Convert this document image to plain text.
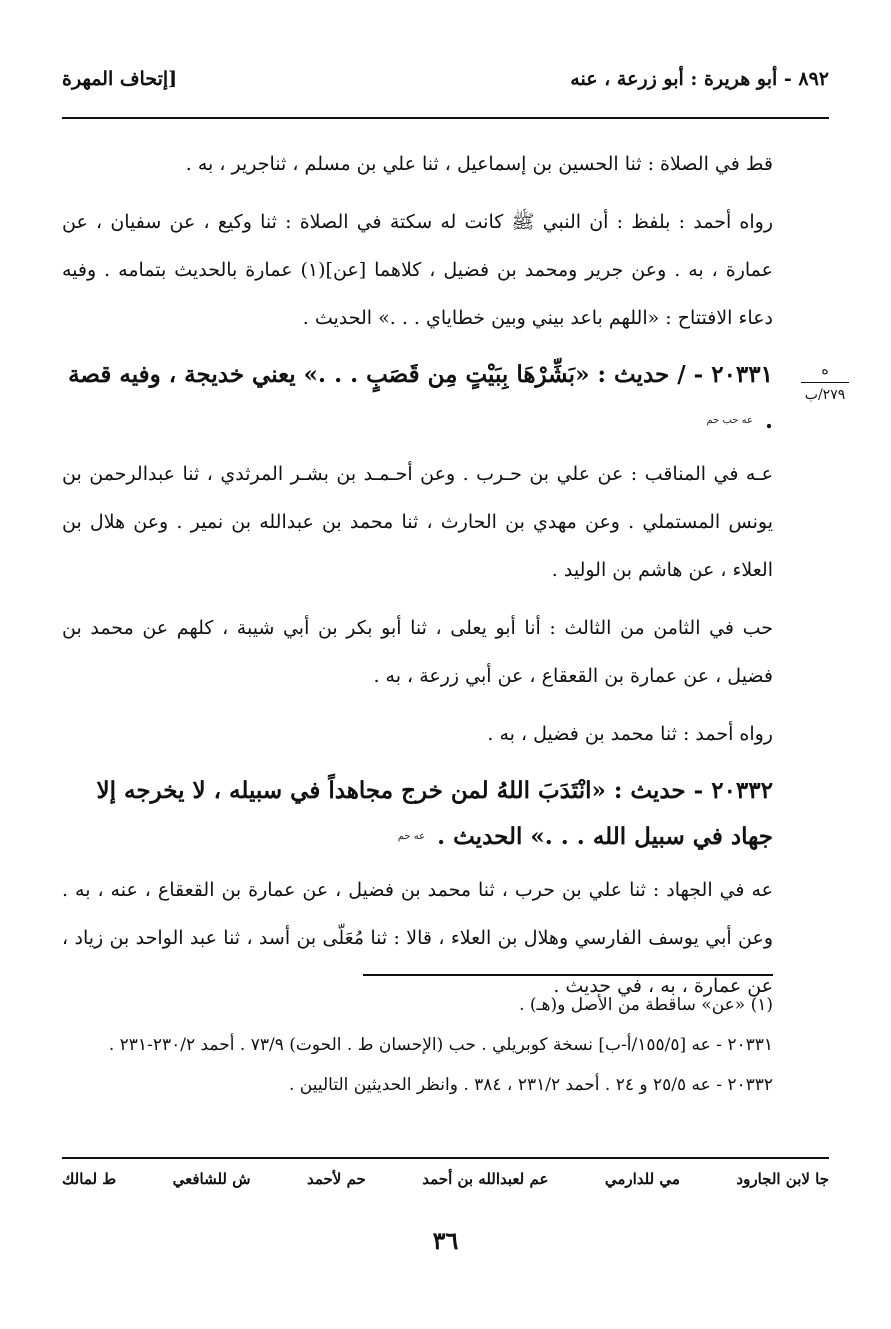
٨٩٢ - أبو هريرة : أبو زرعة ، عنه
[إتحاف المهرة
ه
٢٧٩/ب

قط في الصلاة : ثنا الحسين بن إسماعيل ، ثنا علي بن مسلم ، ثناجرير ، به .

رواه أحمد : بلفظ : أن النبي ﷺ كانت له سكتة في الصلاة : ثنا وكيع ، عن سفيان ، عن عمارة ، به . وعن جرير ومحمد بن فضيل ، كلاهما [عن](١) عمارة بالحديث بتمامه . وفيه دعاء الافتتاح : «اللهم باعد بيني وبين خطاياي . . .» الحديث .

٢٠٣٣١ - / حديث : «بَشِّرْهَا بِبَيْتٍ مِن قَصَبٍ . . .» يعني خديجة ، وفيه قصة . عه حب حم

عـه في المناقب : عن علي بن حـرب . وعن أحـمـد بن بشـر المرثدي ، ثنا عبدالرحمن بن يونس المستملي . وعن مهدي بن الحارث ، ثنا محمد بن عبدالله بن نمير . وعن هلال بن العلاء ، عن هاشم بن الوليد .

حب في الثامن من الثالث : أنا أبو يعلى ، ثنا أبو بكر بن أبي شيبة ، كلهم عن محمد بن فضيل ، عن عمارة بن القعقاع ، عن أبي زرعة ، به .

رواه أحمد : ثنا محمد بن فضيل ، به .

٢٠٣٣٢ - حديث : «انْتَدَبَ اللهُ لمن خرج مجاهداً في سبيله ، لا يخرجه إلا جهاد في سبيل الله . . .» الحديث . عه حم

عه في الجهاد : ثنا علي بن حرب ، ثنا محمد بن فضيل ، عن عمارة بن القعقاع ، عنه ، به . وعن أبي يوسف الفارسي وهلال بن العلاء ، قالا : ثنا مُعَلّى بن أسد ، ثنا عبد الواحد بن زياد ، عن عمارة ، به ، في حديث .

(١) «عن» ساقطة من الأصل و(هـ) .

٢٠٣٣١ - عه [١٥٥/٥/أ-ب] نسخة كوبريلي . حب (الإحسان ط . الحوت) ٧٣/٩ . أحمد ٢٣٠/٢-٢٣١ .

٢٠٣٣٢ - عه ٢٥/٥ و ٢٤ . أحمد ٢٣١/٢ ، ٣٨٤ . وانظر الحديثين التاليين .

ط لمالك	ش للشافعي	حم لأحمد	عم لعبدالله بن أحمد	مي للدارمي	جا لابن الجارود
٣٦
